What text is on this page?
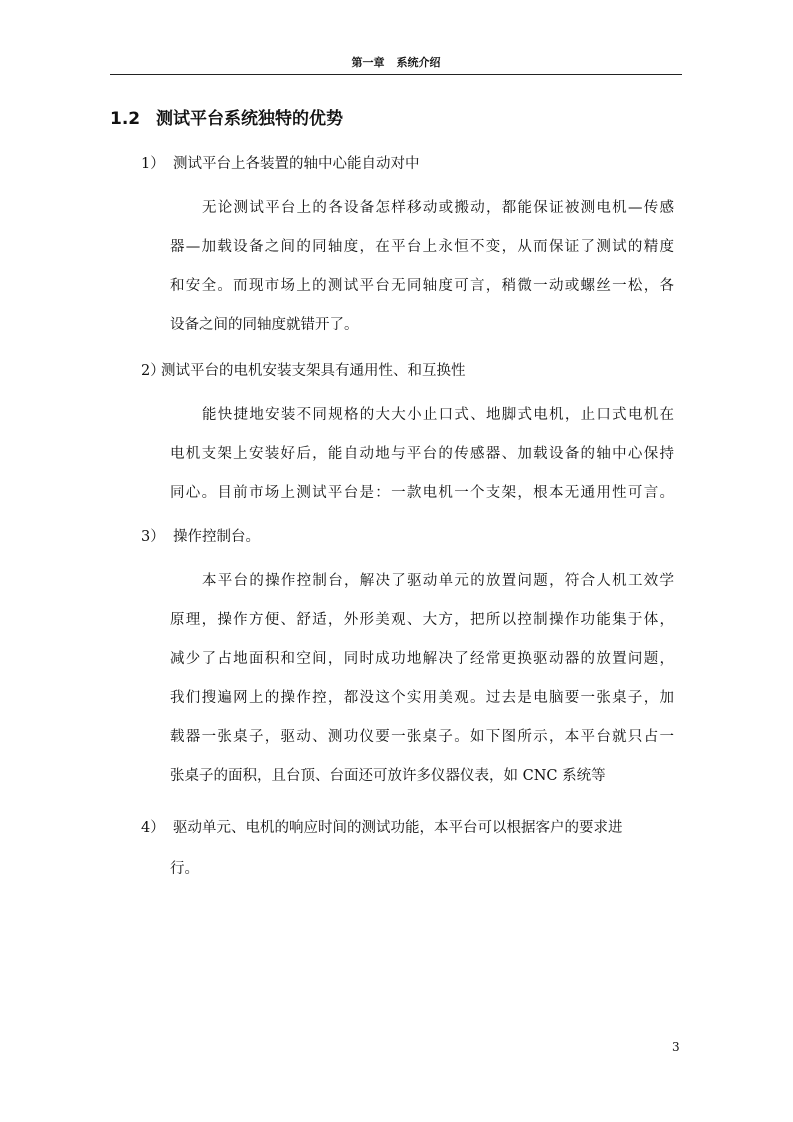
第一章 系统介绍
1.2 测试平台系统独特的优势
1） 测试平台上各装置的轴中心能自动对中
无论测试平台上的各设备怎样移动或搬动，都能保证被测电机—传感
器—加载设备之间的同轴度，在平台上永恒不变，从而保证了测试的精度
和安全。而现市场上的测试平台无同轴度可言，稍微一动或螺丝一松，各
设备之间的同轴度就错开了。
2）测试平台的电机安装支架具有通用性、和互换性
能快捷地安装不同规格的大大小止口式、地脚式电机，止口式电机在
电机支架上安装好后，能自动地与平台的传感器、加载设备的轴中心保持
同心。目前市场上测试平台是：一款电机一个支架，根本无通用性可言。
3） 操作控制台。
本平台的操作控制台，解决了驱动单元的放置问题，符合人机工效学
原理，操作方便、舒适，外形美观、大方，把所以控制操作功能集于体，
减少了占地面积和空间，同时成功地解决了经常更换驱动器的放置问题，
我们搜遍网上的操作控，都没这个实用美观。过去是电脑要一张桌子，加
载器一张桌子，驱动、测功仪要一张桌子。如下图所示，本平台就只占一
张桌子的面积，且台顶、台面还可放许多仪器仪表，如 CNC 系统等
4） 驱动单元、电机的响应时间的测试功能，本平台可以根据客户的要求进
行。
3
